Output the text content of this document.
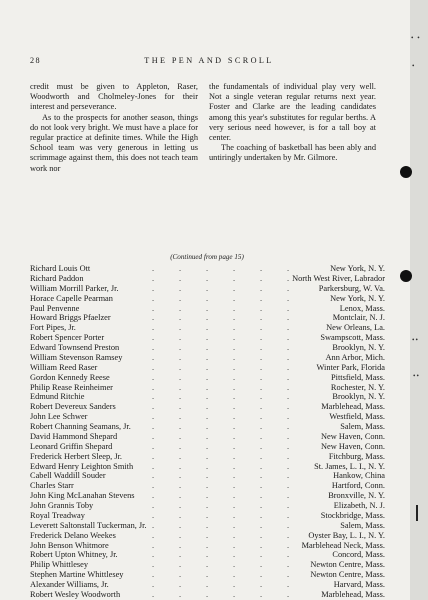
28	THE PEN AND SCROLL

credit must be given to Appleton, Raser, Woodworth and Cholmeley-Jones for their interest and perseverance.

As to the prospects for another season, things do not look very bright. We must have a place for regular practice at definite times. While the High School team was very generous in letting us scrimmage against them, this does not teach team work nor

the fundamentals of individual play very well. Not a single veteran regular returns next year. Foster and Clarke are the leading candidates among this year's substitutes for regular berths. A very serious need however, is for a tall boy at center.

The coaching of basketball has been ably and untiringly undertaken by Mr. Gilmore.

(Continued from page 15)
Richard Louis Ott	.	.	.	.	.	.	New York, N. Y.
Richard Paddon	.	.	.	.	.	. North West River, Labrador
William Morrill Parker, Jr.	.	.	.	.	.	.	Parkersburg, W. Va.
Horace Capelle Pearman	.	.	.	.	.	.	New York, N. Y.
Paul Penvenne	.	.	.	.	.	.	Lenox, Mass.
Howard Briggs Pfaelzer	.	.	.	.	.	.	Montclair, N. J.
Fort Pipes, Jr.	.	.	.	.	.	.	New Orleans, La.
Robert Spencer Porter	.	.	.	.	.	.	Swampscott, Mass.
Edward Townsend Preston	.	.	.	.	.	.	Brooklyn, N. Y.
William Stevenson Ramsey	.	.	.	.	.	.	Ann Arbor, Mich.
William Reed Raser	.	.	.	.	.	.	Winter Park, Florida
Gordon Kennedy Reese	.	.	.	.	.	.	Pittsfield, Mass.
Philip Rease Reinheimer	.	.	.	.	.	.	Rochester, N. Y.
Edmund Ritchie	.	.	.	.	.	.	Brooklyn, N. Y.
Robert Devereux Sanders	.	.	.	.	.	.	Marblehead, Mass.
John Lee Schwer	.	.	.	.	.	.	Westfield, Mass.
Robert Channing Seamans, Jr.	.	.	.	.	.	.	Salem, Mass.
David Hammond Shepard	.	.	.	.	.	.	New Haven, Conn.
Leonard Griffin Shepard	.	.	.	.	.	.	New Haven, Conn.
Frederick Herbert Sleep, Jr.	.	.	.	.	.	.	Fitchburg, Mass.
Edward Henry Leighton Smith .	.	.	.	.	.	St. James, L. I., N. Y.
Cabell Waddill Souder	.	.	.	.	.	.	Hankow, China
Charles Starr	.	.	.	.	.	.	Hartford, Conn.
John King McLanahan Stevens .	.	.	.	.	.	Bronxville, N. Y.
John Grannis Toby	.	.	.	.	.	.	Elizabeth, N. J.
Royal Treadway	.	.	.	.	.	.	Stockbridge, Mass.
Leverett Saltonstall Tuckerman, Jr. .	.	.	.	.	.	Salem, Mass.
Frederick Delano Weekes	.	.	.	.	.	.	Oyster Bay, L. I., N. Y.
John Benson Whitmore	.	.	.	.	.	.	Marblehead Neck, Mass.
Robert Upton Whitney, Jr.	.	.	.	.	.	.	Concord, Mass.
Philip Whittlesey	.	.	.	.	.	.	Newton Centre, Mass.
Stephen Martine Whittlesey	.	.	.	.	.	.	Newton Centre, Mass.
Alexander Williams, Jr.	.	.	.	.	.	.	Harvard, Mass.
Robert Wesley Woodworth	.	.	.	.	.	.	Marblehead, Mass.
• •
•
••
••
